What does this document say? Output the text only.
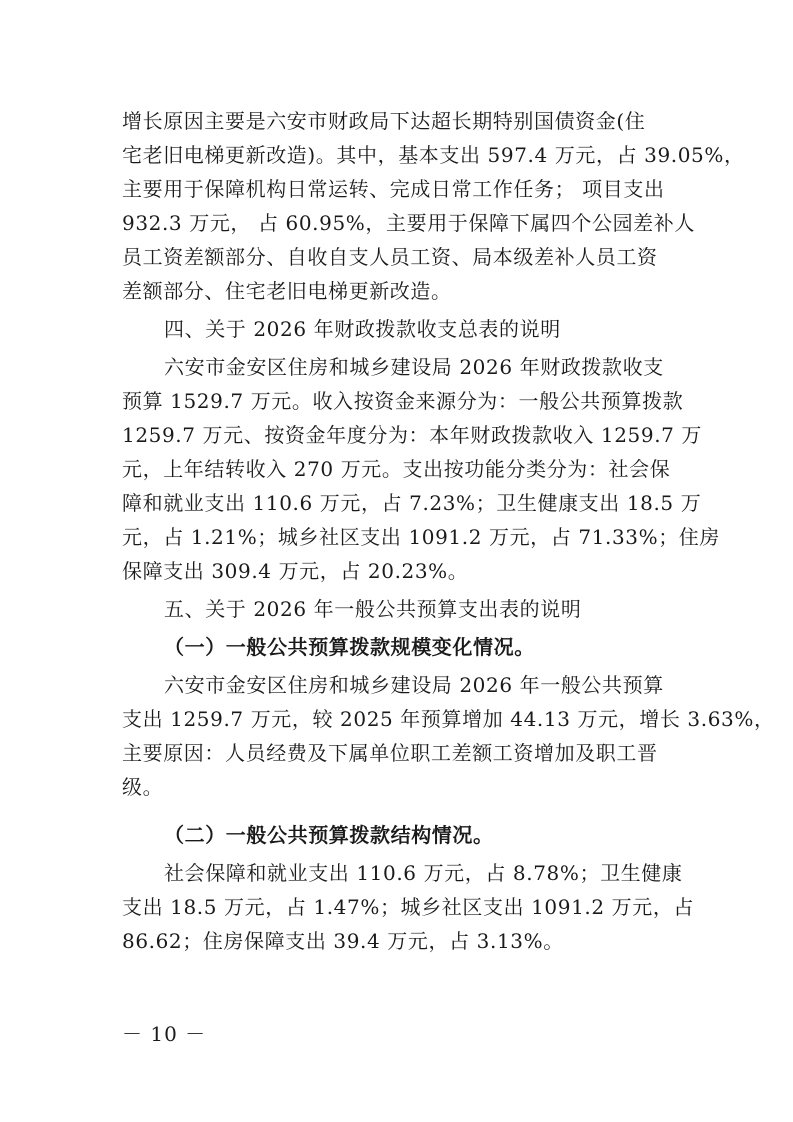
增长原因主要是六安市财政局下达超长期特别国债资金(住
宅老旧电梯更新改造)。其中，基本支出 597.4 万元，占 39.05%，
主要用于保障机构日常运转、完成日常工作任务； 项目支出
932.3 万元， 占 60.95%，主要用于保障下属四个公园差补人
员工资差额部分、自收自支人员工资、局本级差补人员工资
差额部分、住宅老旧电梯更新改造。

四、关于 2026 年财政拨款收支总表的说明

六安市金安区住房和城乡建设局 2026 年财政拨款收支
预算 1529.7 万元。收入按资金来源分为：一般公共预算拨款
1259.7 万元、按资金年度分为：本年财政拨款收入 1259.7 万
元，上年结转收入 270 万元。支出按功能分类分为：社会保
障和就业支出 110.6 万元，占 7.23%；卫生健康支出 18.5 万
元，占 1.21%；城乡社区支出 1091.2 万元，占 71.33%；住房
保障支出 309.4 万元，占 20.23%。

五、关于 2026 年一般公共预算支出表的说明

（一）一般公共预算拨款规模变化情况。

六安市金安区住房和城乡建设局 2026 年一般公共预算
支出 1259.7 万元，较 2025 年预算增加 44.13 万元，增长 3.63%，
主要原因：人员经费及下属单位职工差额工资增加及职工晋
级。

（二）一般公共预算拨款结构情况。

社会保障和就业支出 110.6 万元，占 8.78%；卫生健康
支出 18.5 万元，占 1.47%；城乡社区支出 1091.2 万元，占
86.62；住房保障支出 39.4 万元，占 3.13%。

－ 10 －
